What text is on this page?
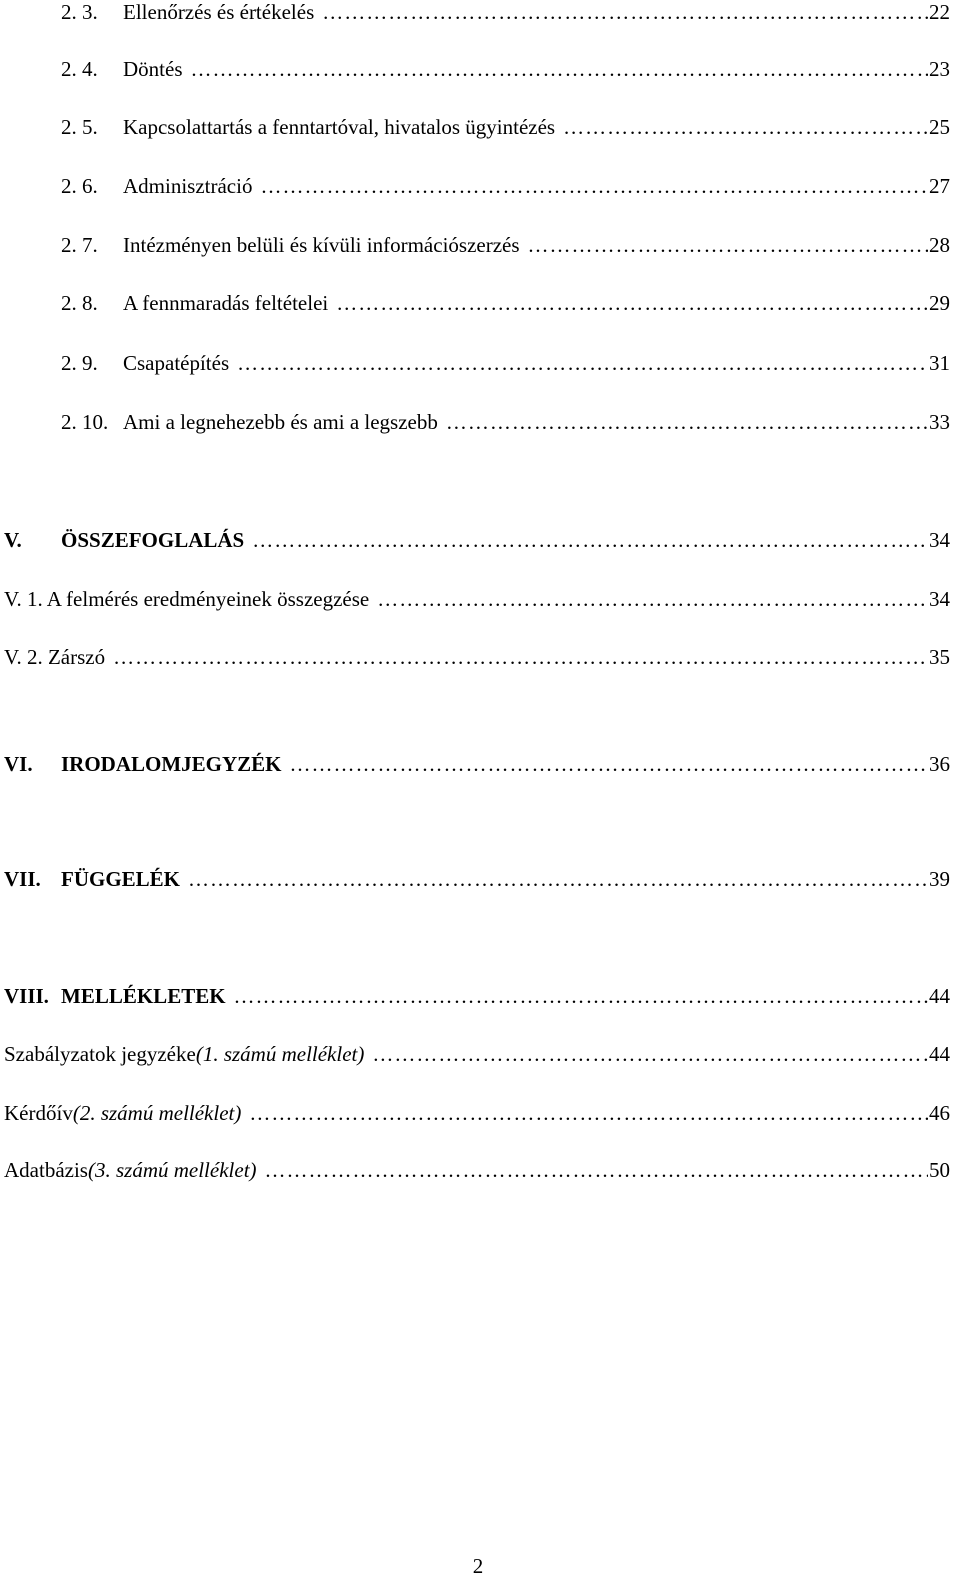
2. 3.	Ellenőrzés és értékelés …………………………………………………………………………………………………………………………………………	22
2. 4.	Döntés …………………………………………………………………………………………………………………………………………	23
2. 5.	Kapcsolattartás a fenntartóval, hivatalos ügyintézés …………………………………………………………………………………………………………………………………………	25
2. 6.	Adminisztráció …………………………………………………………………………………………………………………………………………	27
2. 7.	Intézményen belüli és kívüli információszerzés …………………………………………………………………………………………………………………………………………	28
2. 8.	A fennmaradás feltételei …………………………………………………………………………………………………………………………………………	29
2. 9.	Csapatépítés …………………………………………………………………………………………………………………………………………	31
2. 10. Ami a legnehezebb és ami a legszebb …………………………………………………………………………………………………………………………………………	33
V.	ÖSSZEFOGLALÁS …………………………………………………………………………………………………………………………………………	34
V. 1. A felmérés eredményeinek összegzése …………………………………………………………………………………………………………………………………………	34
V. 2. Zárszó …………………………………………………………………………………………………………………………………………	35
VI.	IRODALOMJEGYZÉK …………………………………………………………………………………………………………………………………………	36
VII. FÜGGELÉK …………………………………………………………………………………………………………………………………………	39
VIII. MELLÉKLETEK …………………………………………………………………………………………………………………………………………	44
Szabályzatok jegyzéke (1. számú melléklet) …………………………………………………………………………………………………………………………………………	44
Kérdőív (2. számú melléklet) …………………………………………………………………………………………………………………………………………	46
Adatbázis (3. számú melléklet) …………………………………………………………………………………………………………………………………………	50
2
